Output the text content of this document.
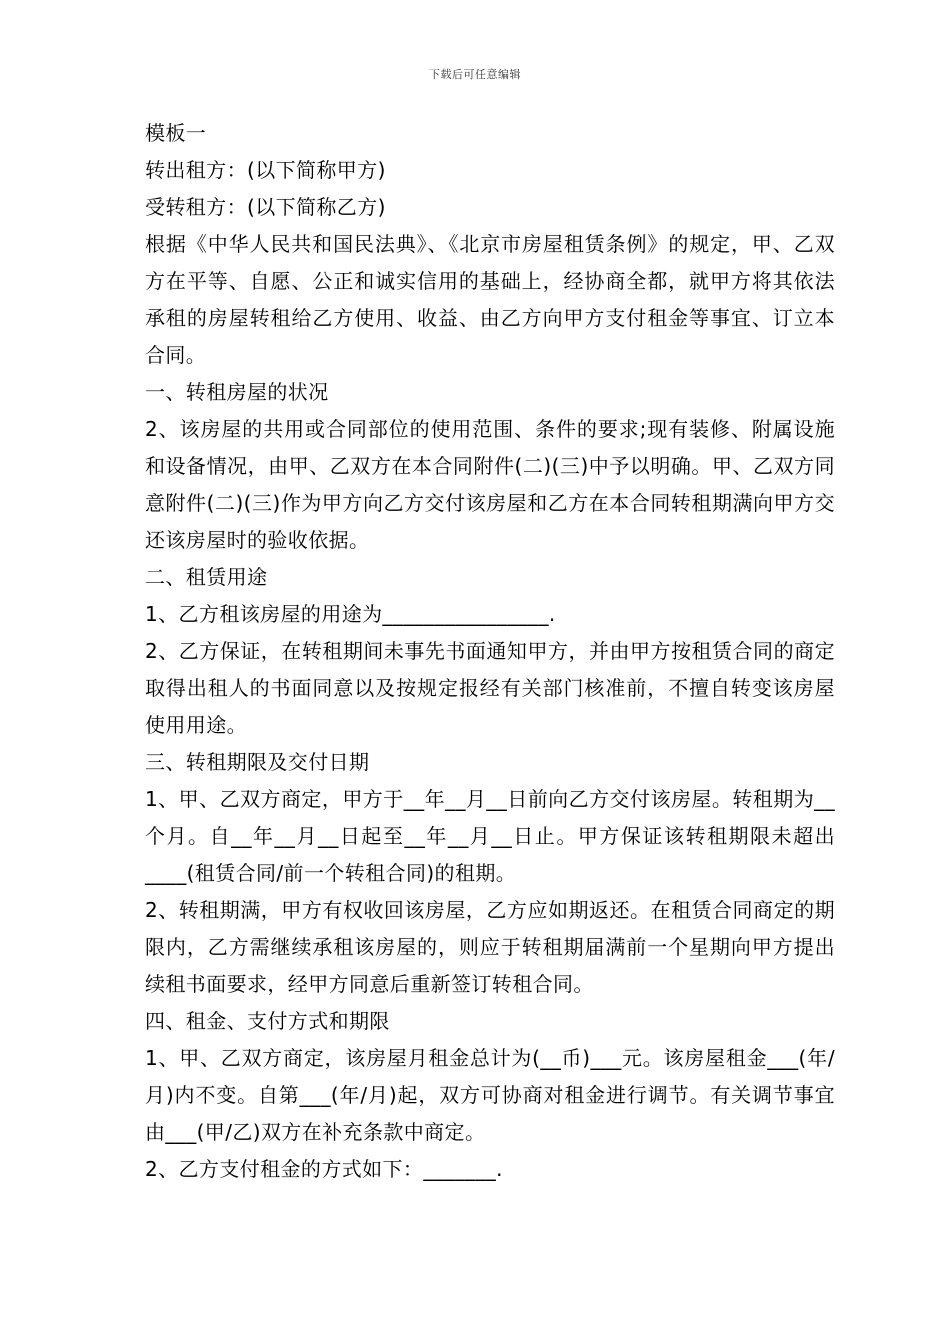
下载后可任意编辑

模板一

转出租方：(以下简称甲方)

受转租方：(以下简称乙方)

根据《中华人民共和国民法典》、《北京市房屋租赁条例》的规定，甲、乙双方在平等、自愿、公正和诚实信用的基础上，经协商全都，就甲方将其依法承租的房屋转租给乙方使用、收益、由乙方向甲方支付租金等事宜、订立本合同。

一、转租房屋的状况

2、该房屋的共用或合同部位的使用范围、条件的要求;现有装修、附属设施和设备情况，由甲、乙双方在本合同附件(二)(三)中予以明确。甲、乙双方同意附件(二)(三)作为甲方向乙方交付该房屋和乙方在本合同转租期满向甲方交还该房屋时的验收依据。

二、租赁用途

1、乙方租该房屋的用途为________________.

2、乙方保证，在转租期间未事先书面通知甲方，并由甲方按租赁合同的商定取得出租人的书面同意以及按规定报经有关部门核准前，不擅自转变该房屋使用用途。

三、转租期限及交付日期

1、甲、乙双方商定，甲方于__年__月__日前向乙方交付该房屋。转租期为__个月。自__年__月__日起至__年__月__日止。甲方保证该转租期限未超出____(租赁合同/前一个转租合同)的租期。

2、转租期满，甲方有权收回该房屋，乙方应如期返还。在租赁合同商定的期限内，乙方需继续承租该房屋的，则应于转租期届满前一个星期向甲方提出续租书面要求，经甲方同意后重新签订转租合同。

四、租金、支付方式和期限

1、甲、乙双方商定，该房屋月租金总计为(__币)___元。该房屋租金___(年/月)内不变。自第___(年/月)起，双方可协商对租金进行调节。有关调节事宜由___(甲/乙)双方在补充条款中商定。

2、乙方支付租金的方式如下：_______.
